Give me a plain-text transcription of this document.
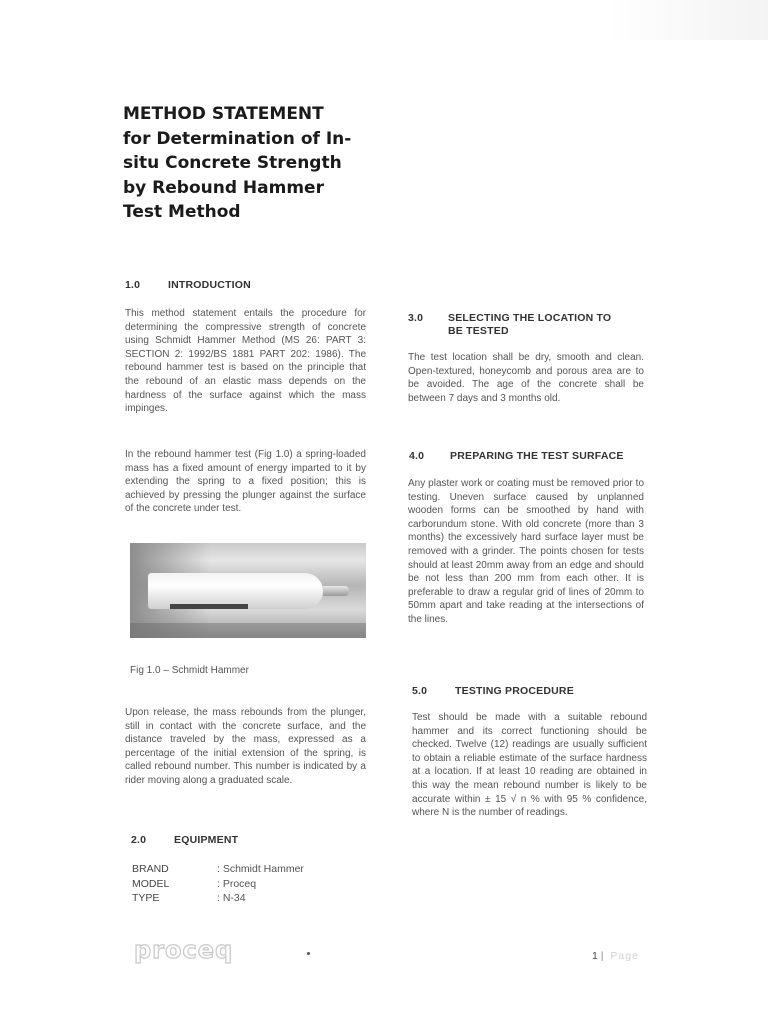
METHOD STATEMENT
for Determination of In-
situ Concrete Strength
by Rebound Hammer
Test Method
1.0	INTRODUCTION

This method statement entails the procedure for determining the compressive strength of concrete using Schmidt Hammer Method (MS 26: PART 3: SECTION 2: 1992/BS 1881 PART 202: 1986). The rebound hammer test is based on the principle that the rebound of an elastic mass depends on the hardness of the surface against which the mass impinges.

In the rebound hammer test (Fig 1.0) a spring-loaded mass has a fixed amount of energy imparted to it by extending the spring to a fixed position; this is achieved by pressing the plunger against the surface of the concrete under test.

Fig 1.0 – Schmidt Hammer

Upon release, the mass rebounds from the plunger, still in contact with the concrete surface, and the distance traveled by the mass, expressed as a percentage of the initial extension of the spring, is called rebound number. This number is indicated by a rider moving along a graduated scale.

2.0	EQUIPMENT
BRAND	: Schmidt Hammer
MODEL	: Proceq
TYPE	: N-34
3.0 SELECTING THE LOCATION TO
BE TESTED

The test location shall be dry, smooth and clean. Open-textured, honeycomb and porous area are to be avoided. The age of the concrete shall be between 7 days and 3 months old.

4.0 PREPARING THE TEST SURFACE

Any plaster work or coating must be removed prior to testing. Uneven surface caused by unplanned wooden forms can be smoothed by hand with carborundum stone. With old concrete (more than 3 months) the excessively hard surface layer must be removed with a grinder. The points chosen for tests should at least 20mm away from an edge and should be not less than 200 mm from each other. It is preferable to draw a regular grid of lines of 20mm to 50mm apart and take reading at the intersections of the lines.

5.0	TESTING PROCEDURE

Test should be made with a suitable rebound hammer and its correct functioning should be checked. Twelve (12) readings are usually sufficient to obtain a reliable estimate of the surface hardness at a location. If at least 10 reading are obtained in this way the mean rebound number is likely to be accurate within ± 15 √ n % with 95 % confidence, where N is the number of readings.

proceq	1 | Page
